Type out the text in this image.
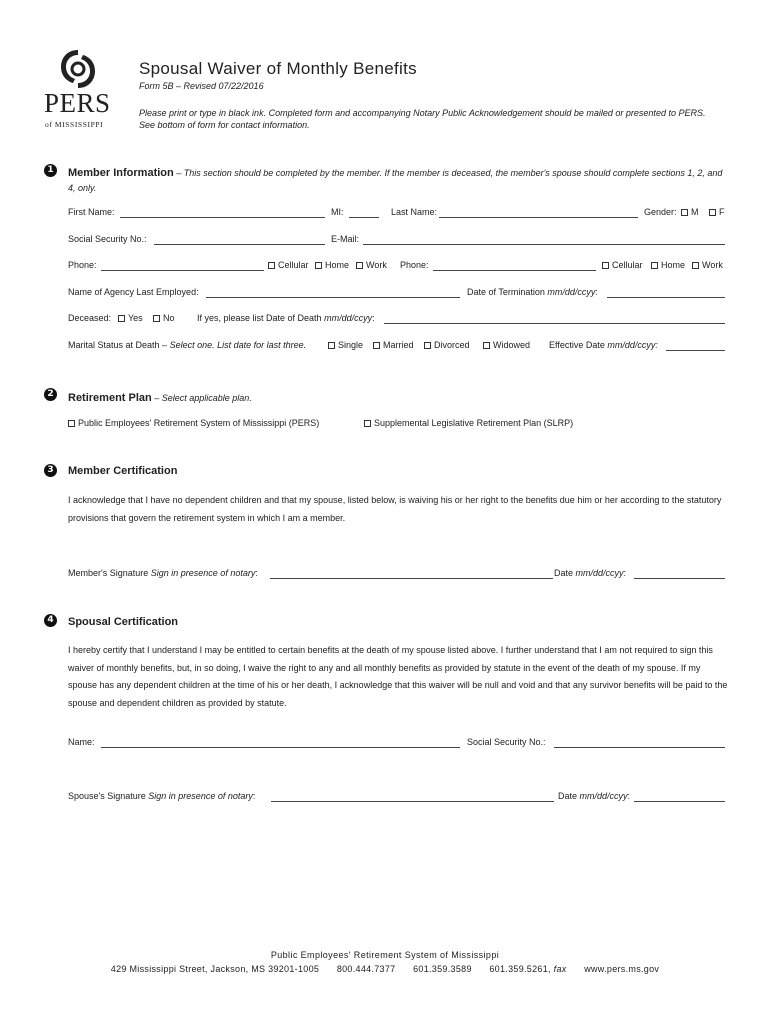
PERS
of MISSISSIPPI
Spousal Waiver of Monthly Benefits
Form 5B – Revised 07/22/2016
Please print or type in black ink. Completed form and accompanying Notary Public Acknowledgement should be mailed or presented to PERS. See bottom of form for contact information.
1	Member Information – This section should be completed by the member. If the member is deceased, the member's spouse should complete sections 1, 2, and 4, only.
First Name:	MI:	Last Name:	Gender: M F
Social Security No.:	E-Mail:
Phone:	Cellular Home Work Phone:	Cellular Home Work
Name of Agency Last Employed:	Date of Termination mm/dd/ccyy:
Deceased: Yes No If yes, please list Date of Death mm/dd/ccyy:
Marital Status at Death – Select one. List date for last three.	Single Married Divorced	Widowed Effective Date mm/dd/ccyy:
2	Retirement Plan – Select applicable plan.
Public Employees' Retirement System of Mississippi (PERS)	Supplemental Legislative Retirement Plan (SLRP)
3	Member Certification
I acknowledge that I have no dependent children and that my spouse, listed below, is waiving his or her right to the benefits due him or her according to the statutory provisions that govern the retirement system in which I am a member.
Member's Signature Sign in presence of notary:	Date mm/dd/ccyy:
4	Spousal Certification
I hereby certify that I understand I may be entitled to certain benefits at the death of my spouse listed above. I further understand that I am not required to sign this waiver of monthly benefits, but, in so doing, I waive the right to any and all monthly benefits as provided by statute in the event of the death of my spouse. If my spouse has any dependent children at the time of his or her death, I acknowledge that this waiver will be null and void and that any survivor benefits will be paid to the spouse and dependent children as provided by statute.
Name:	Social Security No.:
Spouse's Signature Sign in presence of notary:	Date mm/dd/ccyy:
Public Employees' Retirement System of Mississippi
429 Mississippi Street, Jackson, MS 39201-1005 800.444.7377 601.359.3589 601.359.5261, fax www.pers.ms.gov
